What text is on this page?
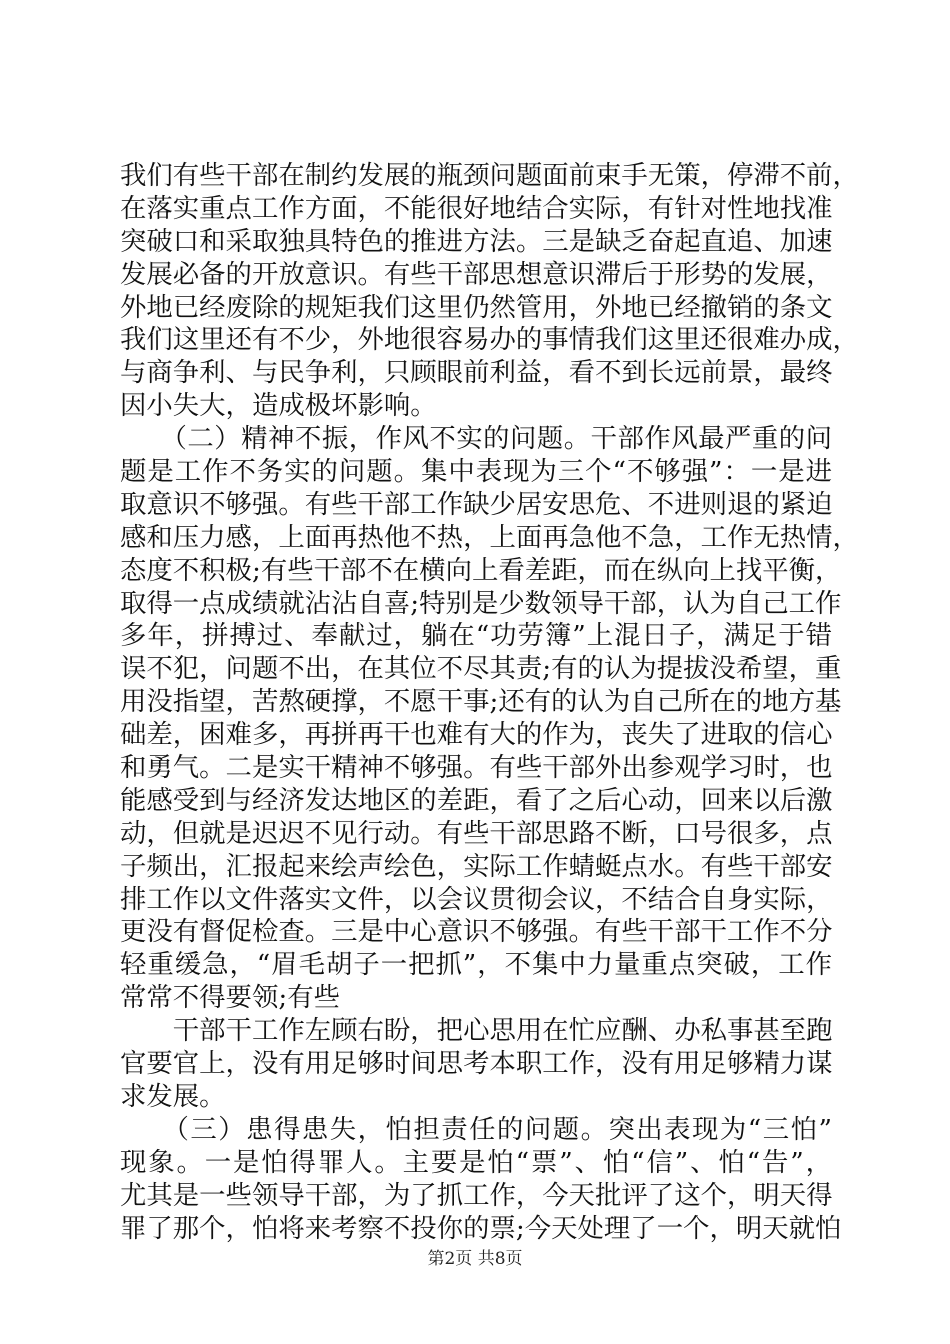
我们有些干部在制约发展的瓶颈问题面前束手无策，停滞不前，
在落实重点工作方面，不能很好地结合实际，有针对性地找准
突破口和采取独具特色的推进方法。三是缺乏奋起直追、加速
发展必备的开放意识。有些干部思想意识滞后于形势的发展，
外地已经废除的规矩我们这里仍然管用，外地已经撤销的条文
我们这里还有不少，外地很容易办的事情我们这里还很难办成，
与商争利、与民争利，只顾眼前利益，看不到长远前景，最终
因小失大，造成极坏影响。
　　（二）精神不振，作风不实的问题。干部作风最严重的问
题是工作不务实的问题。集中表现为三个“不够强”：一是进
取意识不够强。有些干部工作缺少居安思危、不进则退的紧迫
感和压力感，上面再热他不热，上面再急他不急，工作无热情，
态度不积极;有些干部不在横向上看差距，而在纵向上找平衡，
取得一点成绩就沾沾自喜;特别是少数领导干部，认为自己工作
多年，拼搏过、奉献过，躺在“功劳簿”上混日子，满足于错
误不犯，问题不出，在其位不尽其责;有的认为提拔没希望，重
用没指望，苦熬硬撑，不愿干事;还有的认为自己所在的地方基
础差，困难多，再拼再干也难有大的作为，丧失了进取的信心
和勇气。二是实干精神不够强。有些干部外出参观学习时，也
能感受到与经济发达地区的差距，看了之后心动，回来以后激
动，但就是迟迟不见行动。有些干部思路不断，口号很多，点
子频出，汇报起来绘声绘色，实际工作蜻蜓点水。有些干部安
排工作以文件落实文件，以会议贯彻会议，不结合自身实际，
更没有督促检查。三是中心意识不够强。有些干部干工作不分
轻重缓急，“眉毛胡子一把抓”，不集中力量重点突破，工作
常常不得要领;有些
　　干部干工作左顾右盼，把心思用在忙应酬、办私事甚至跑
官要官上，没有用足够时间思考本职工作，没有用足够精力谋
求发展。
　　（三）患得患失，怕担责任的问题。突出表现为“三怕”
现象。一是怕得罪人。主要是怕“票”、怕“信”、怕“告”，
尤其是一些领导干部，为了抓工作，今天批评了这个，明天得
罪了那个，怕将来考察不投你的票;今天处理了一个，明天就怕
第2页 共8页
